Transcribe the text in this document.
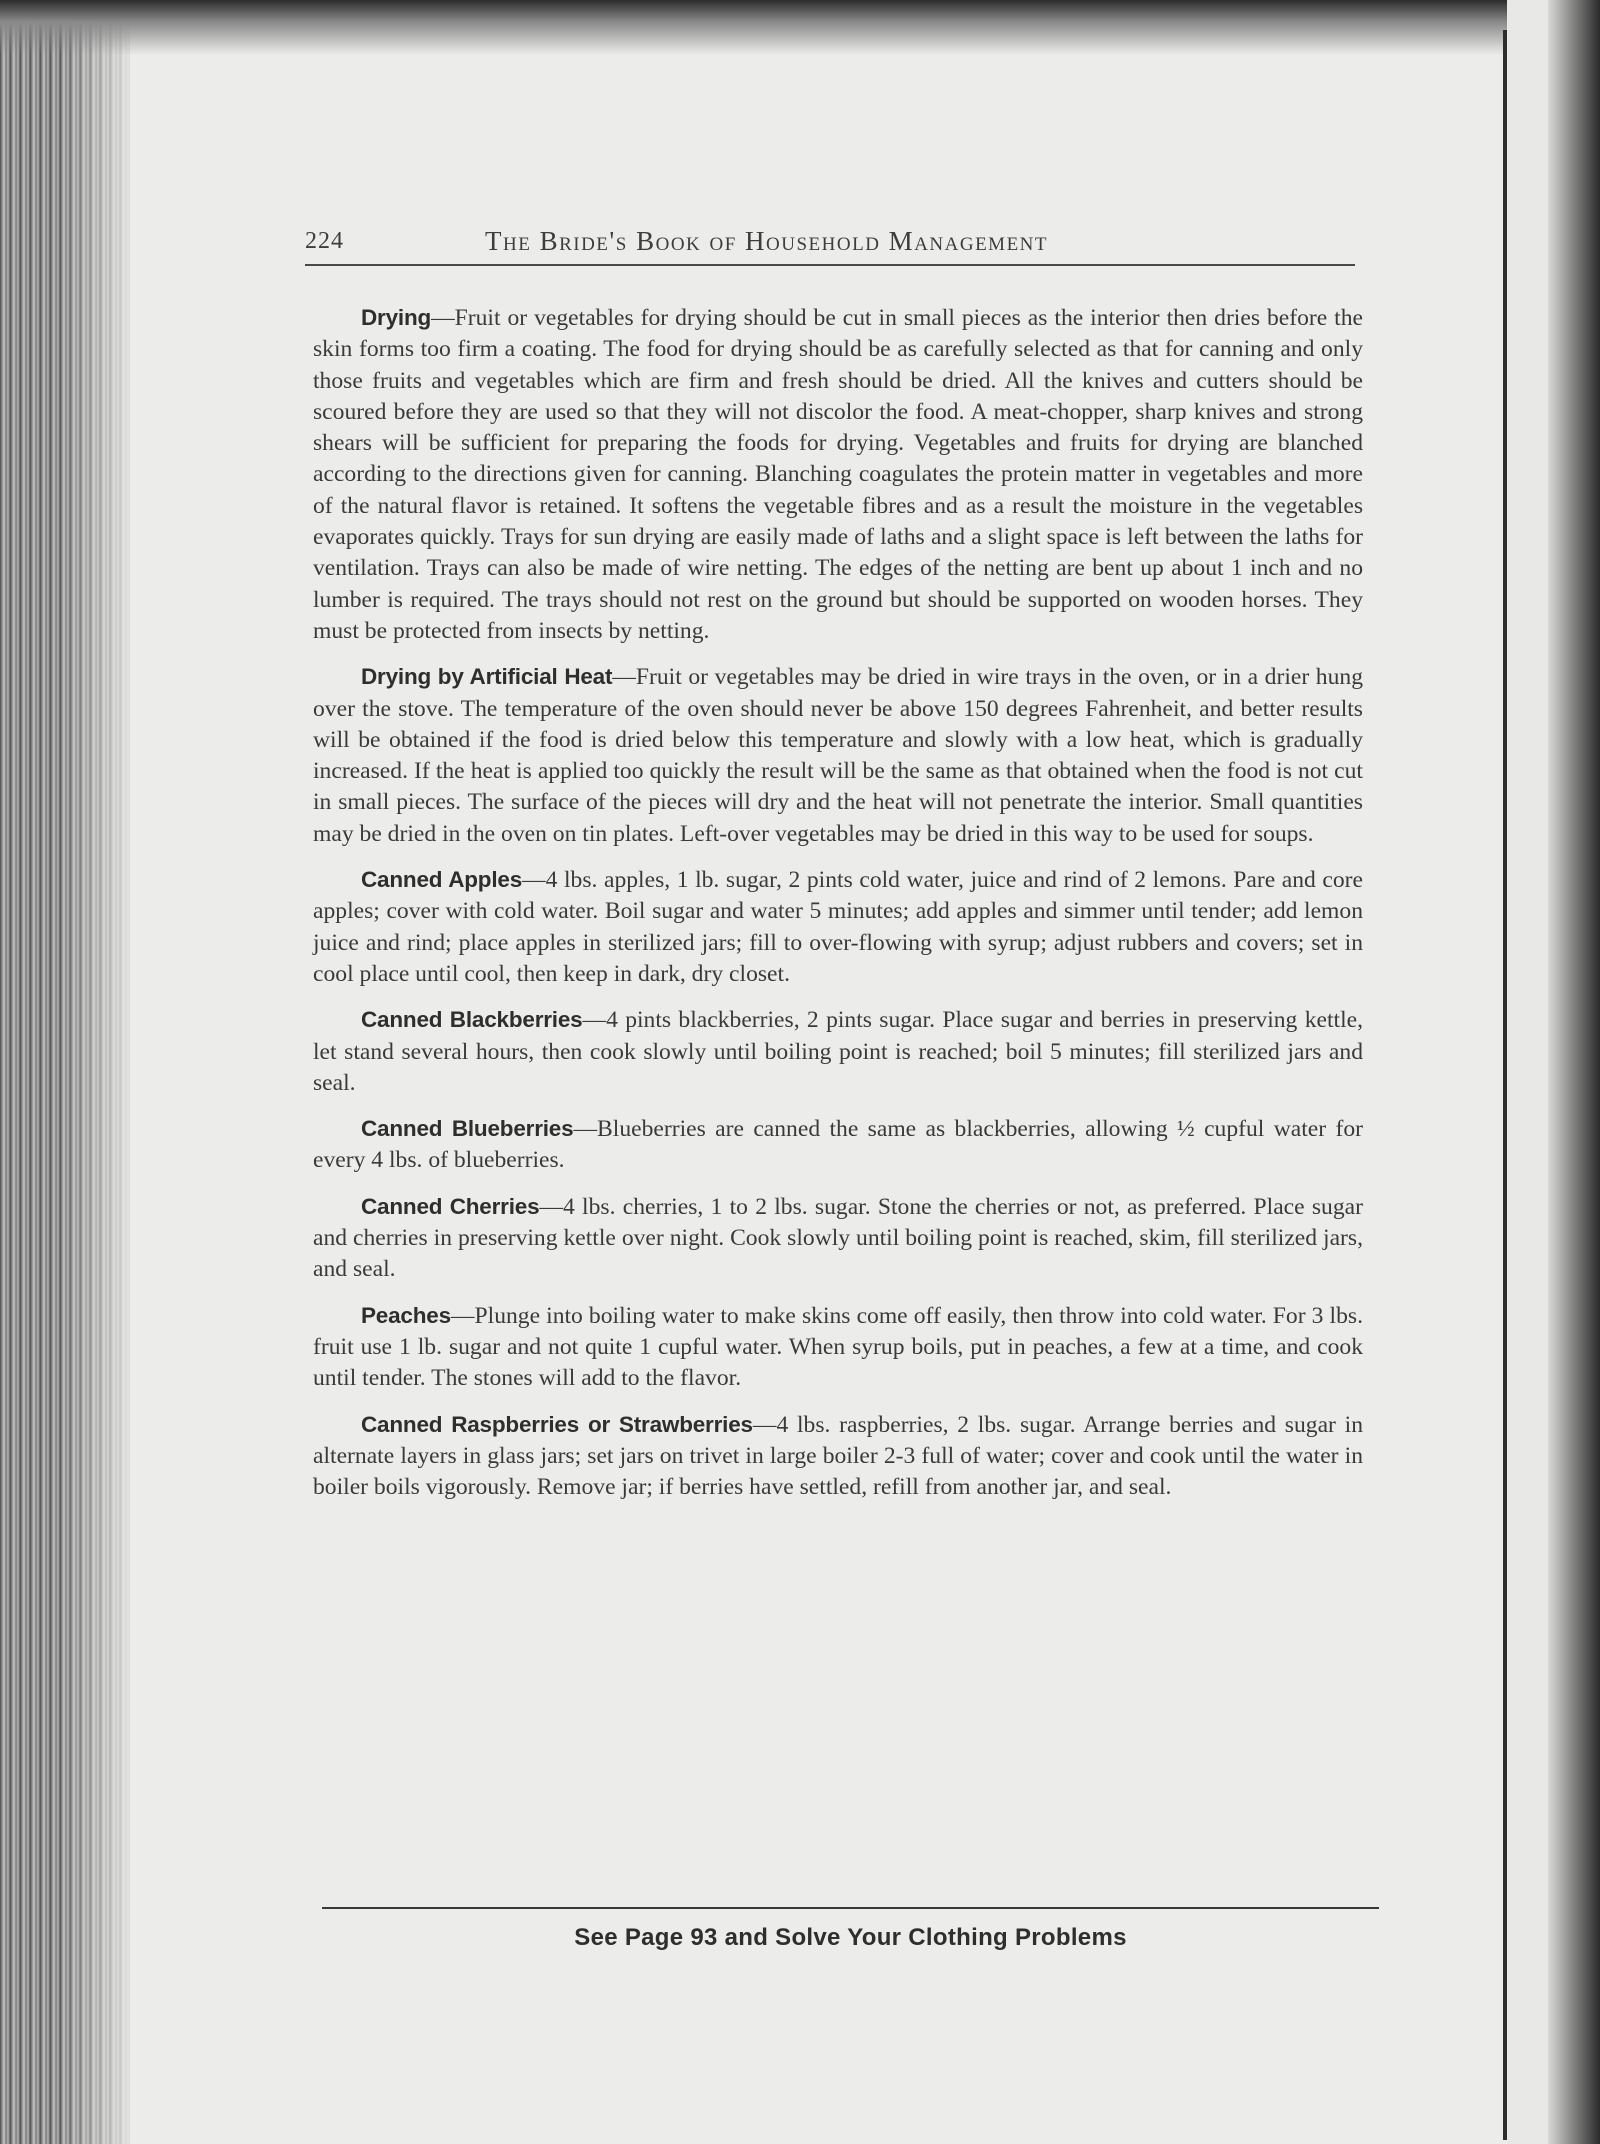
224	The Bride's Book of Household Management

Drying—Fruit or vegetables for drying should be cut in small pieces as the interior then dries before the skin forms too firm a coating. The food for drying should be as carefully selected as that for canning and only those fruits and vegetables which are firm and fresh should be dried. All the knives and cutters should be scoured before they are used so that they will not discolor the food. A meat-chopper, sharp knives and strong shears will be sufficient for preparing the foods for drying. Vegetables and fruits for drying are blanched according to the directions given for canning. Blanching coagulates the protein matter in vegetables and more of the natural flavor is retained. It softens the vegetable fibres and as a result the moisture in the vegetables evaporates quickly. Trays for sun drying are easily made of laths and a slight space is left between the laths for ventilation. Trays can also be made of wire netting. The edges of the netting are bent up about 1 inch and no lumber is required. The trays should not rest on the ground but should be supported on wooden horses. They must be protected from insects by netting.

Drying by Artificial Heat—Fruit or vegetables may be dried in wire trays in the oven, or in a drier hung over the stove. The temperature of the oven should never be above 150 degrees Fahrenheit, and better results will be obtained if the food is dried below this temperature and slowly with a low heat, which is gradually increased. If the heat is applied too quickly the result will be the same as that obtained when the food is not cut in small pieces. The surface of the pieces will dry and the heat will not penetrate the interior. Small quantities may be dried in the oven on tin plates. Left-over vegetables may be dried in this way to be used for soups.

Canned Apples—4 lbs. apples, 1 lb. sugar, 2 pints cold water, juice and rind of 2 lemons. Pare and core apples; cover with cold water. Boil sugar and water 5 minutes; add apples and simmer until tender; add lemon juice and rind; place apples in sterilized jars; fill to over-flowing with syrup; adjust rubbers and covers; set in cool place until cool, then keep in dark, dry closet.

Canned Blackberries—4 pints blackberries, 2 pints sugar. Place sugar and berries in preserving kettle, let stand several hours, then cook slowly until boiling point is reached; boil 5 minutes; fill sterilized jars and seal.

Canned Blueberries—Blueberries are canned the same as blackberries, allowing ½ cupful water for every 4 lbs. of blueberries.

Canned Cherries—4 lbs. cherries, 1 to 2 lbs. sugar. Stone the cherries or not, as preferred. Place sugar and cherries in preserving kettle over night. Cook slowly until boiling point is reached, skim, fill sterilized jars, and seal.

Peaches—Plunge into boiling water to make skins come off easily, then throw into cold water. For 3 lbs. fruit use 1 lb. sugar and not quite 1 cupful water. When syrup boils, put in peaches, a few at a time, and cook until tender. The stones will add to the flavor.

Canned Raspberries or Strawberries—4 lbs. raspberries, 2 lbs. sugar. Arrange berries and sugar in alternate layers in glass jars; set jars on trivet in large boiler 2-3 full of water; cover and cook until the water in boiler boils vigorously. Remove jar; if berries have settled, refill from another jar, and seal.

See Page 93 and Solve Your Clothing Problems
